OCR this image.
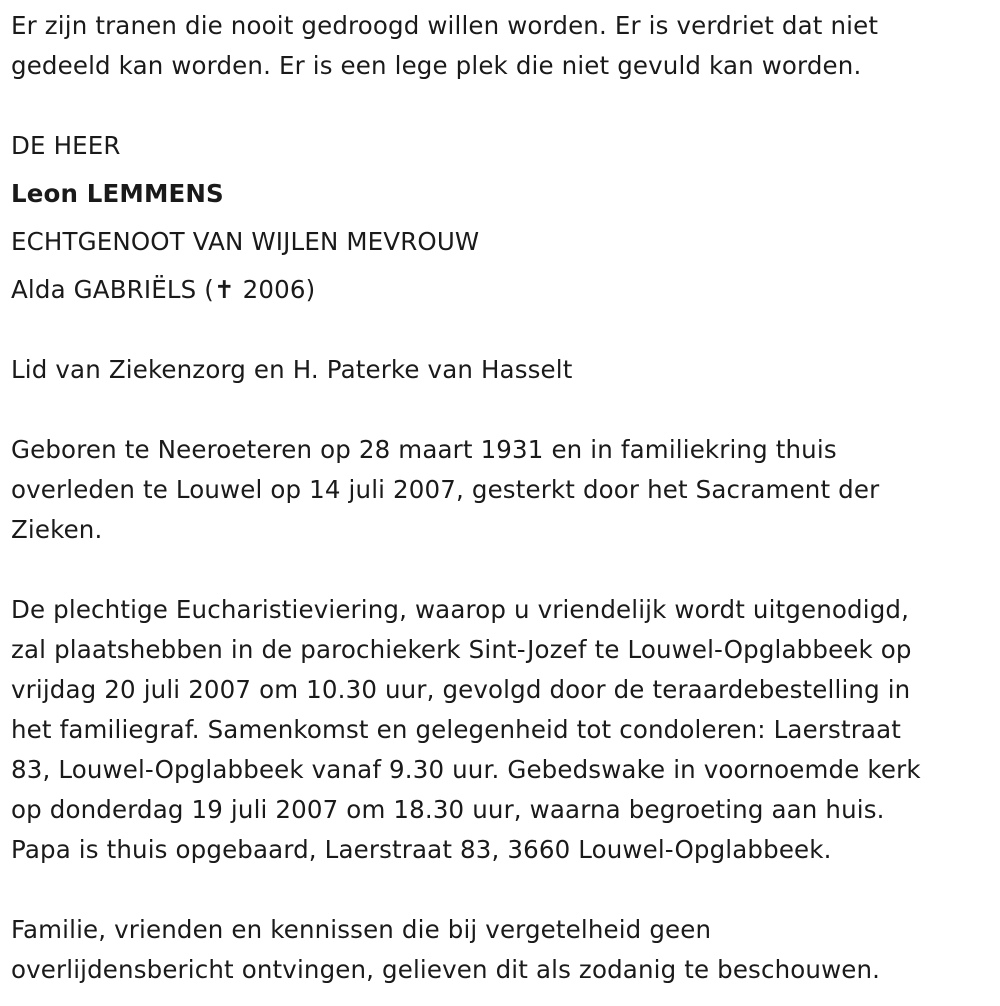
Er zijn tranen die nooit gedroogd willen worden. Er is verdriet dat niet
gedeeld kan worden. Er is een lege plek die niet gevuld kan worden.
DE HEER
Leon LEMMENS
ECHTGENOOT VAN WIJLEN MEVROUW
Alda GABRIËLS (✝ 2006)
Lid van Ziekenzorg en H. Paterke van Hasselt
Geboren te Neeroeteren op 28 maart 1931 en in familiekring thuis
overleden te Louwel op 14 juli 2007, gesterkt door het Sacrament der
Zieken.
De plechtige Eucharistieviering, waarop u vriendelijk wordt uitgenodigd,
zal plaatshebben in de parochiekerk Sint-Jozef te Louwel-Opglabbeek op
vrijdag 20 juli 2007 om 10.30 uur, gevolgd door de teraardebestelling in
het familiegraf. Samenkomst en gelegenheid tot condoleren: Laerstraat
83, Louwel-Opglabbeek vanaf 9.30 uur. Gebedswake in voornoemde kerk
op donderdag 19 juli 2007 om 18.30 uur, waarna begroeting aan huis.
Papa is thuis opgebaard, Laerstraat 83, 3660 Louwel-Opglabbeek.
Familie, vrienden en kennissen die bij vergetelheid geen
overlijdensbericht ontvingen, gelieven dit als zodanig te beschouwen.
